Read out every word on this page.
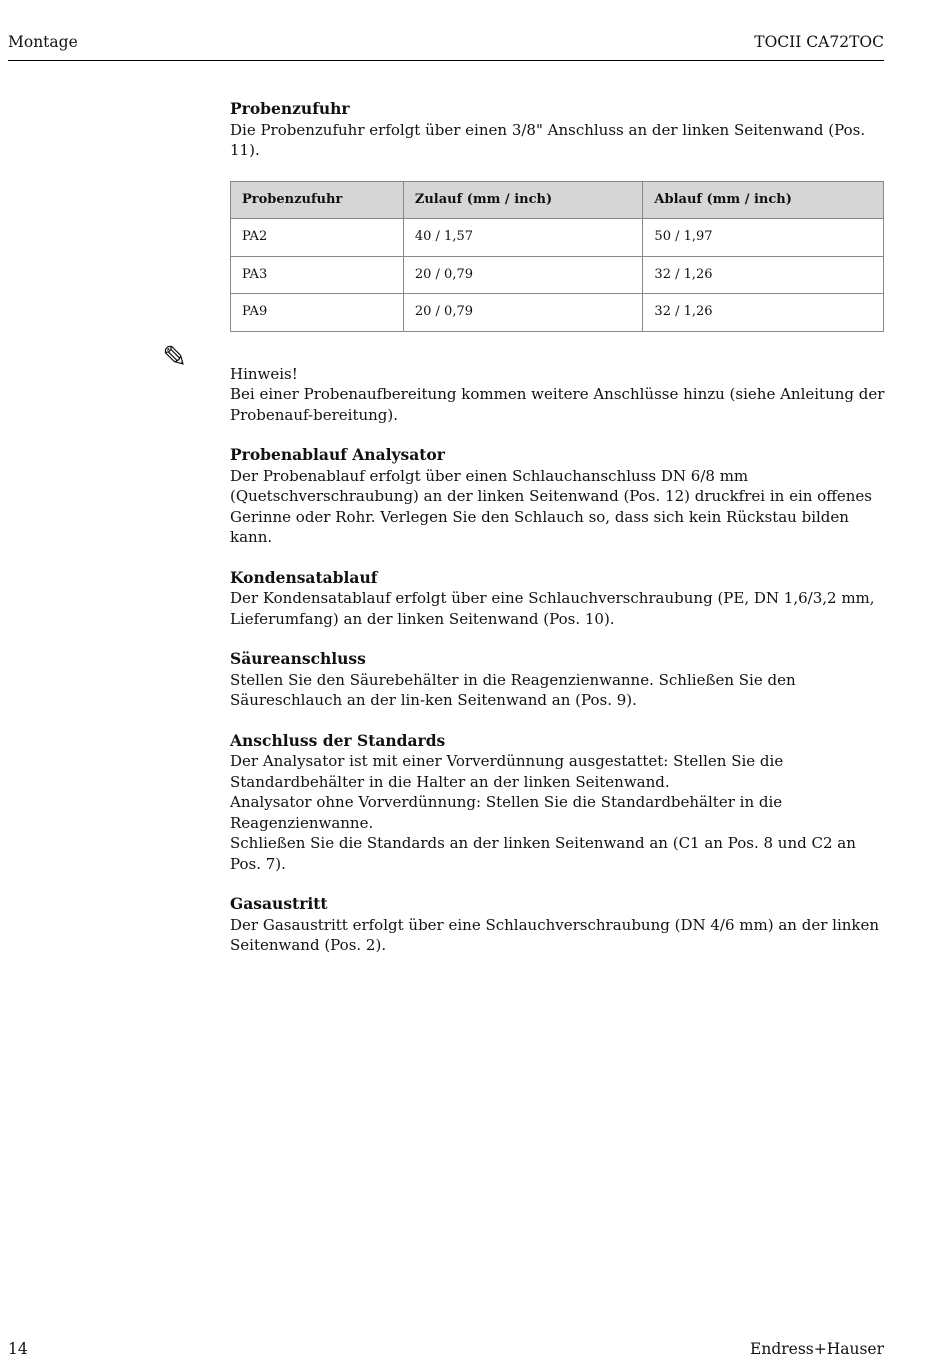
Montage	TOCII CA72TOC
✎
Probenzufuhr

Die Probenzufuhr erfolgt über einen 3/8" Anschluss an der linken Seitenwand (Pos. 11).

Probenzufuhr	Zulauf (mm / inch)	Ablauf (mm / inch)
PA2	40 / 1,57	50 / 1,97
PA3	20 / 0,79	32 / 1,26
PA9	20 / 0,79	32 / 1,26

Hinweis!

Bei einer Probenaufbereitung kommen weitere Anschlüsse hinzu (siehe Anleitung der Probenauf-bereitung).

Probenablauf Analysator

Der Probenablauf erfolgt über einen Schlauchanschluss DN 6/8 mm (Quetschverschraubung) an der linken Seitenwand (Pos. 12) druckfrei in ein offenes Gerinne oder Rohr. Verlegen Sie den Schlauch so, dass sich kein Rückstau bilden kann.

Kondensatablauf

Der Kondensatablauf erfolgt über eine Schlauchverschraubung (PE, DN 1,6/3,2 mm, Lieferumfang) an der linken Seitenwand (Pos. 10).

Säureanschluss

Stellen Sie den Säurebehälter in die Reagenzienwanne. Schließen Sie den Säureschlauch an der lin-ken Seitenwand an (Pos. 9).

Anschluss der Standards

Der Analysator ist mit einer Vorverdünnung ausgestattet: Stellen Sie die Standardbehälter in die Halter an der linken Seitenwand.

Analysator ohne Vorverdünnung: Stellen Sie die Standardbehälter in die Reagenzienwanne.

Schließen Sie die Standards an der linken Seitenwand an (C1 an Pos. 8 und C2 an Pos. 7).

Gasaustritt

Der Gasaustritt erfolgt über eine Schlauchverschraubung (DN 4/6 mm) an der linken Seitenwand (Pos. 2).

14	Endress+Hauser
